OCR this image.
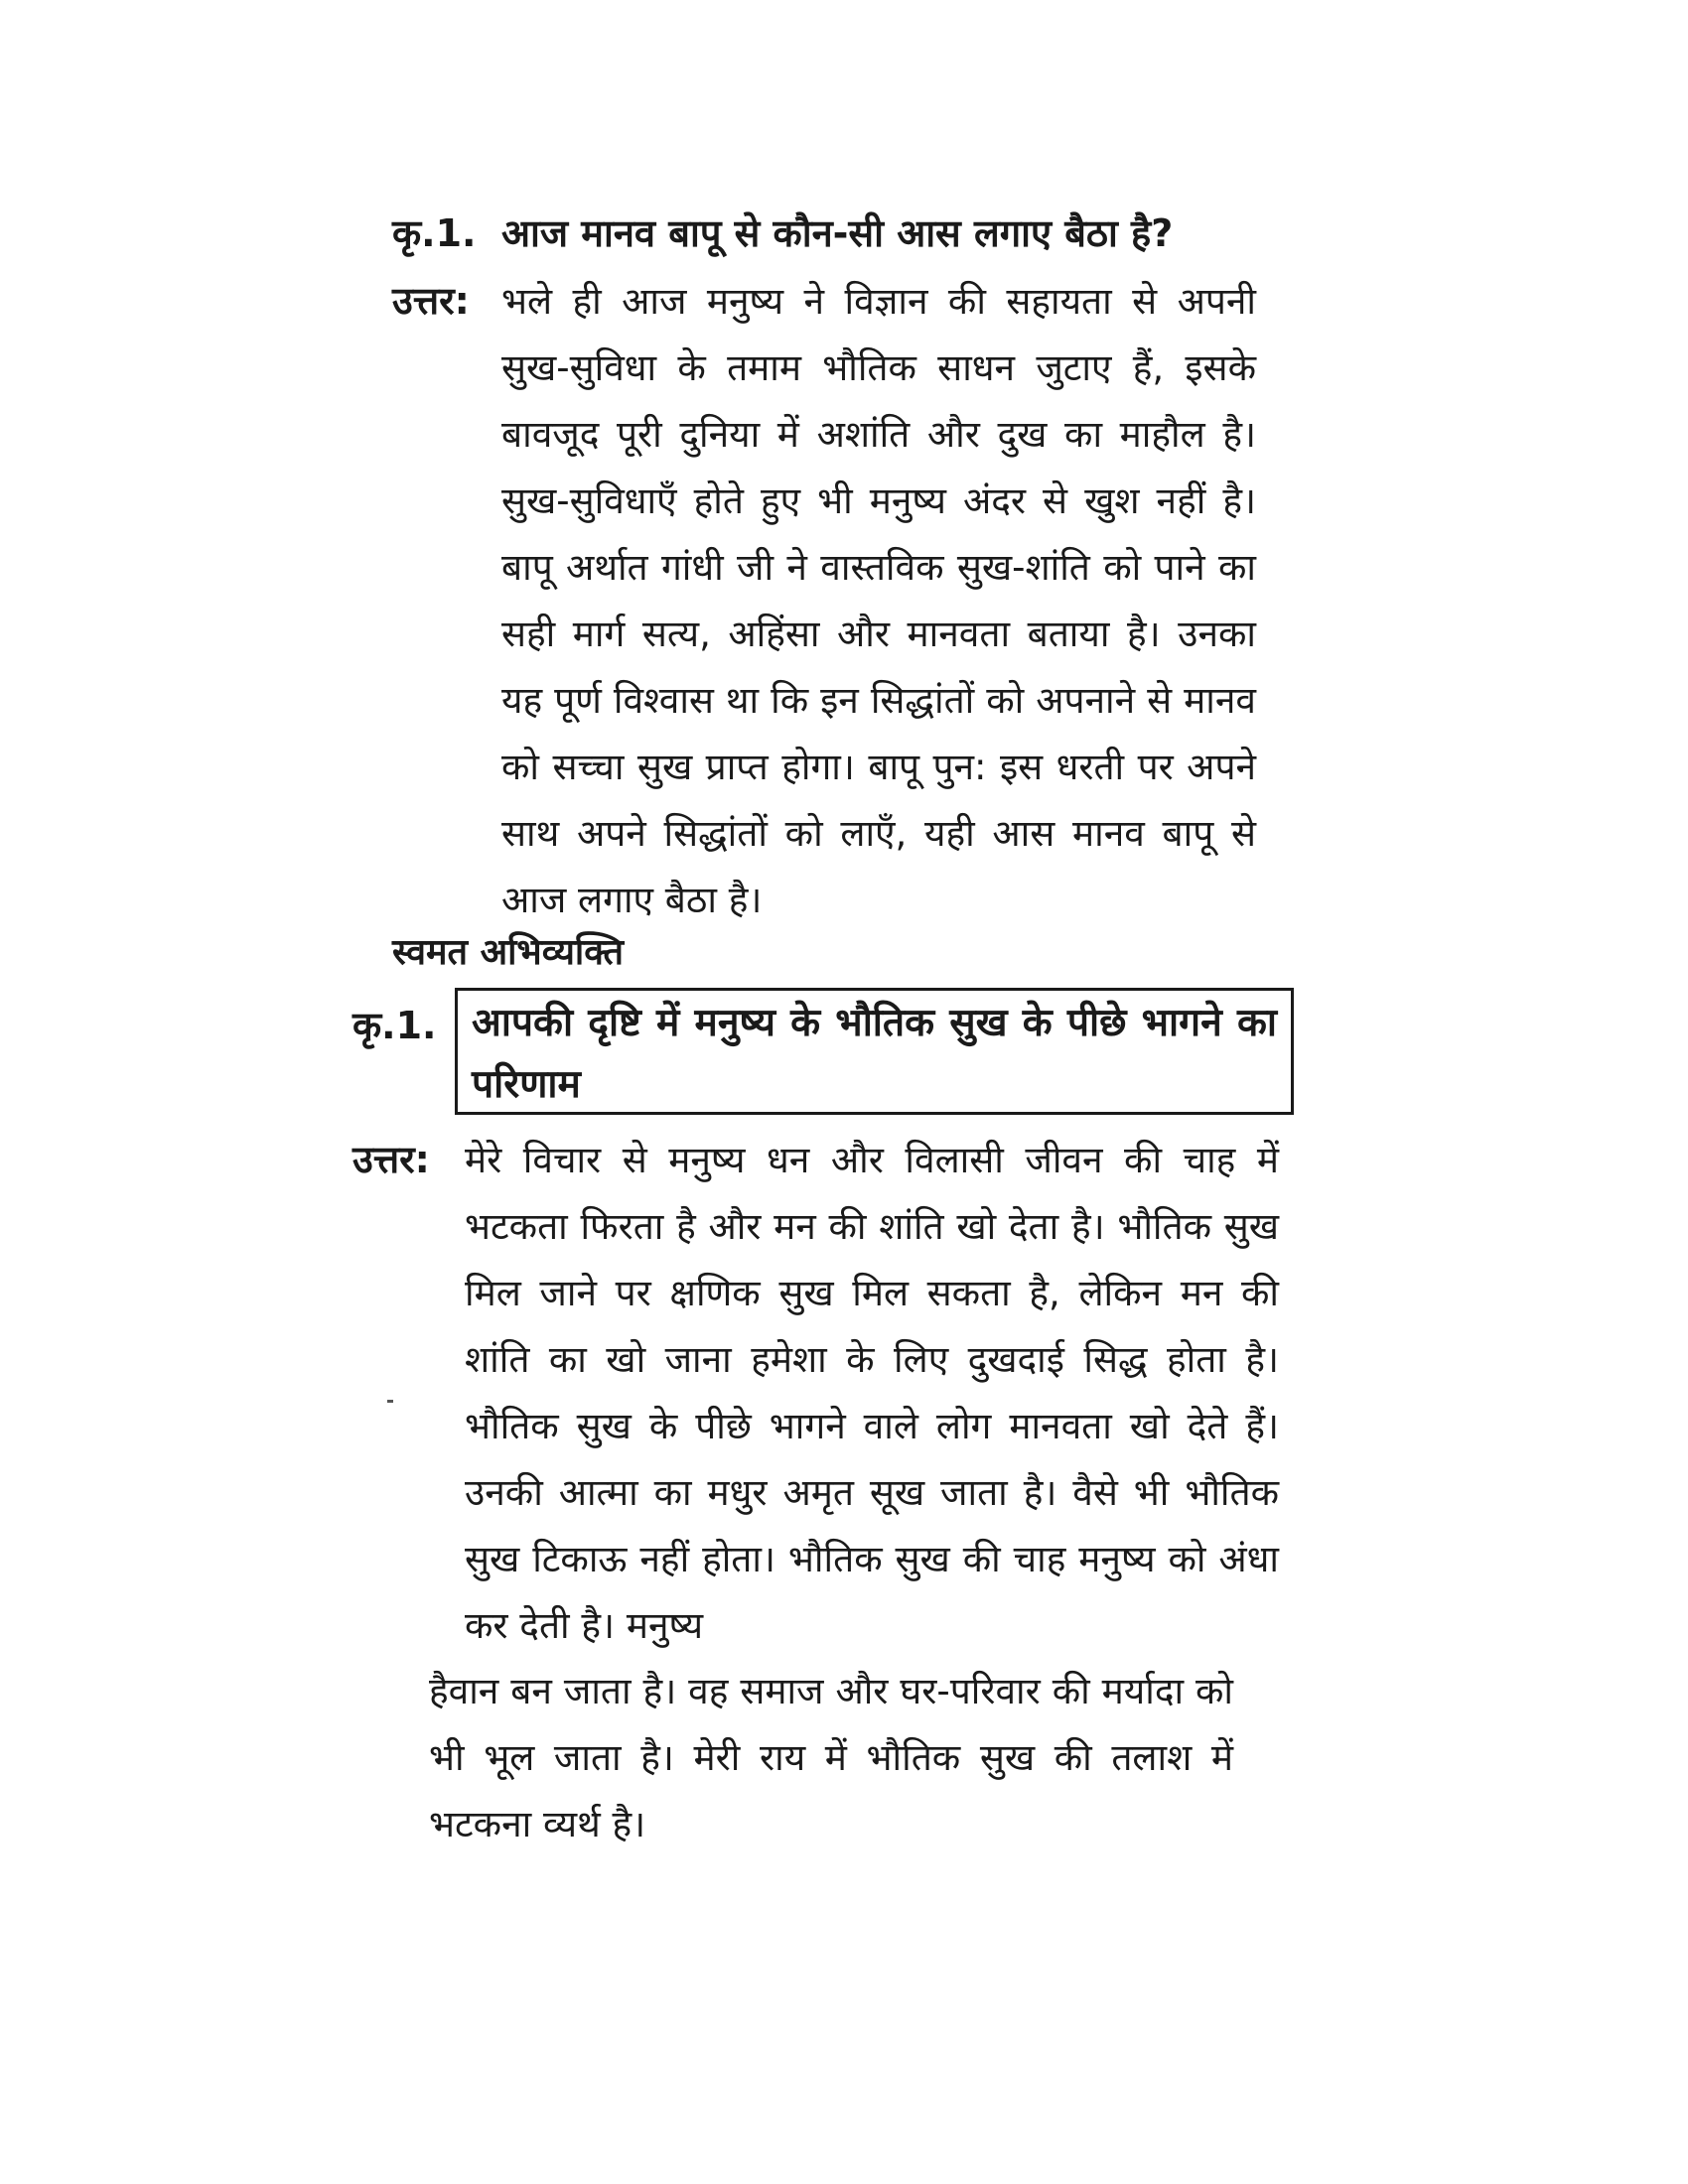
कृ.1. आज मानव बापू से कौन-सी आस लगाए बैठा है?
उत्तर: भले ही आज मनुष्य ने विज्ञान की सहायता से अपनी सुख-सुविधा के तमाम भौतिक साधन जुटाए हैं, इसके बावजूद पूरी दुनिया में अशांति और दुख का माहौल है। सुख-सुविधाएँ होते हुए भी मनुष्य अंदर से खुश नहीं है। बापू अर्थात गांधी जी ने वास्तविक सुख-शांति को पाने का सही मार्ग सत्य, अहिंसा और मानवता बताया है। उनका यह पूर्ण विश्वास था कि इन सिद्धांतों को अपनाने से मानव को सच्चा सुख प्राप्त होगा। बापू पुन: इस धरती पर अपने साथ अपने सिद्धांतों को लाएँ, यही आस मानव बापू से आज लगाए बैठा है।
स्वमत अभिव्यक्ति
कृ.1. आपकी दृष्टि में मनुष्य के भौतिक सुख के पीछे भागने का परिणाम
उत्तर: मेरे विचार से मनुष्य धन और विलासी जीवन की चाह में भटकता फिरता है और मन की शांति खो देता है। भौतिक सुख मिल जाने पर क्षणिक सुख मिल सकता है, लेकिन मन की शांति का खो जाना हमेशा के लिए दुखदाई सिद्ध होता है। भौतिक सुख के पीछे भागने वाले लोग मानवता खो देते हैं। उनकी आत्मा का मधुर अमृत सूख जाता है। वैसे भी भौतिक सुख टिकाऊ नहीं होता। भौतिक सुख की चाह मनुष्य को अंधा कर देती है। मनुष्य
हैवान बन जाता है। वह समाज और घर-परिवार की मर्यादा को भी भूल जाता है। मेरी राय में भौतिक सुख की तलाश में भटकना व्यर्थ है।
